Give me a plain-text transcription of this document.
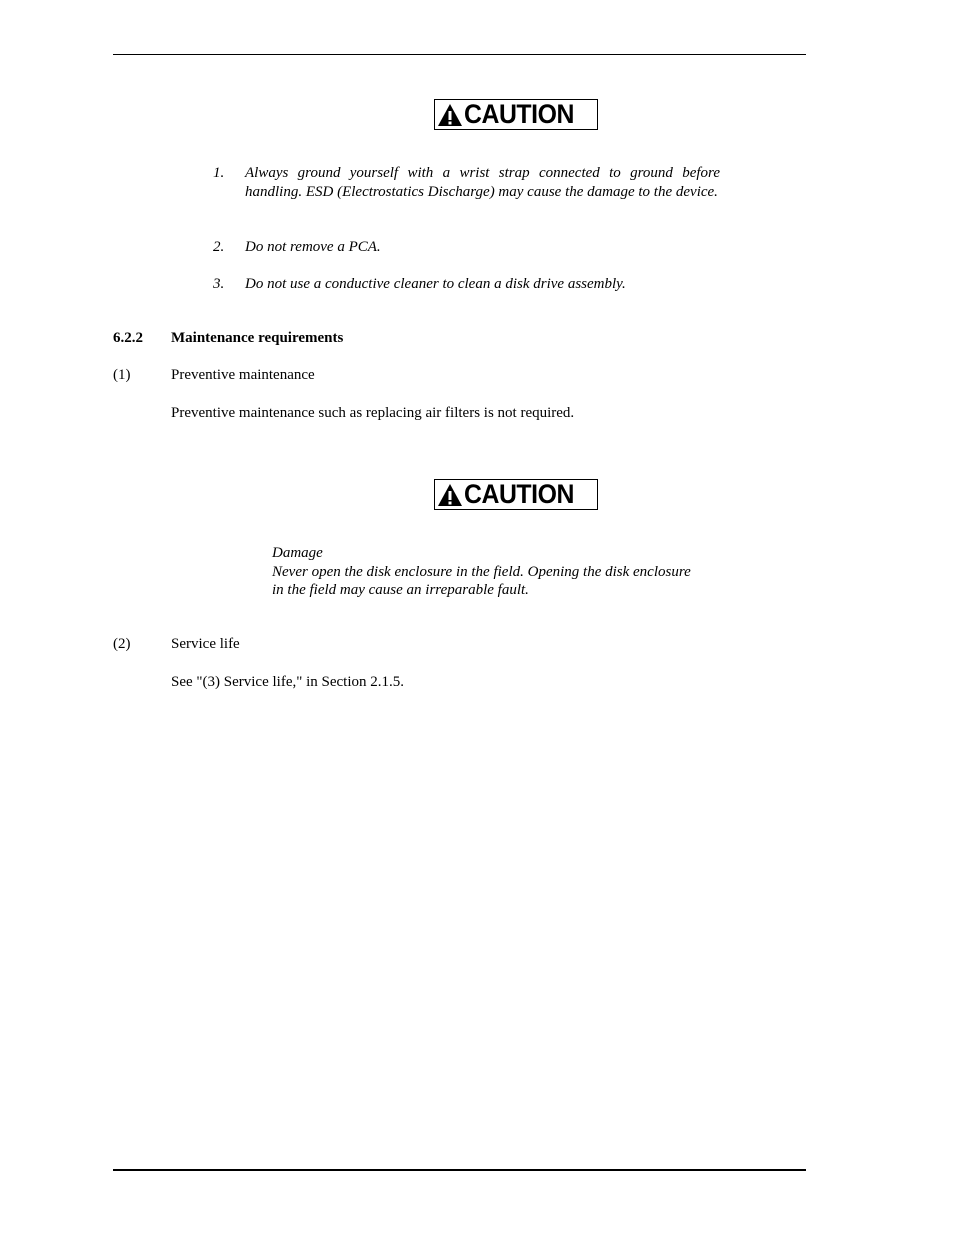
CAUTION
1. Always ground yourself with a wrist strap connected to ground before handling. ESD (Electrostatics Discharge) may cause the damage to the device.
2. Do not remove a PCA.
3. Do not use a conductive cleaner to clean a disk drive assembly.
6.2.2 Maintenance requirements
(1)	Preventive maintenance
Preventive maintenance such as replacing air filters is not required.
CAUTION
Damage
Never open the disk enclosure in the field. Opening the disk enclosure
in the field may cause an irreparable fault.
(2)	Service life
See "(3) Service life," in Section 2.1.5.
